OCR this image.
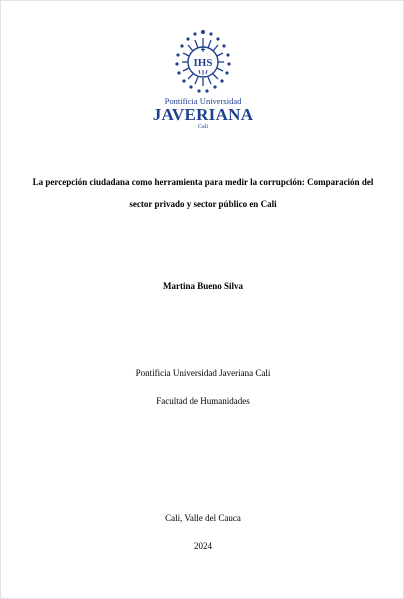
IHS
Pontificia Universidad
JAVERIANA
Cali
La percepción ciudadana como herramienta para medir la corrupción: Comparación del sector privado y sector público en Cali
Martina Bueno Silva
Pontificia Universidad Javeriana Cali
Facultad de Humanidades
Cali, Valle del Cauca
2024
